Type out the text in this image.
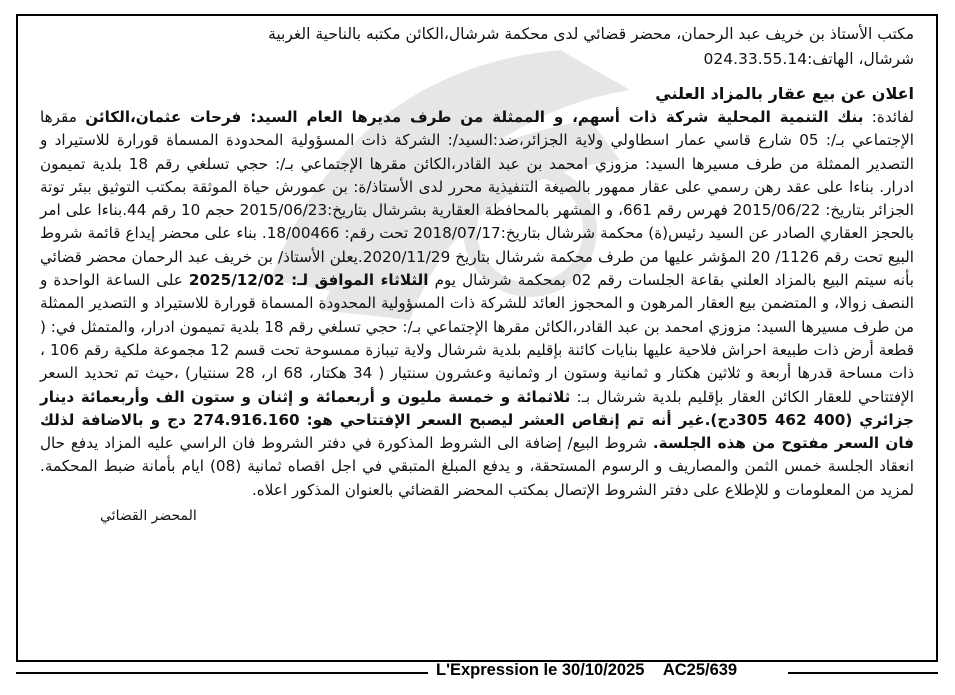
مكتب الأستاذ بن خريف عبد الرحمان، محضر قضائي لدى محكمة شرشال،الكائن مكتبه بالناحية الغربية

شرشال، الهاتف:024.33.55.14

اعلان عن بيع عقار بالمزاد العلني

لفائدة: بنك التنمية المحلية شركة ذات أسهم، و الممثلة من طرف مديرها العام السيد: فرحات عثمان،الكائن مقرها الإجتماعي بـ/: 05 شارع قاسي عمار اسطاولي ولاية الجزائر،ضد:السيد/: الشركة ذات المسؤولية المحدودة المسماة قورارة للاستيراد و التصدير الممثلة من طرف مسيرها السيد: مزوزي امحمد بن عبد القادر،الكائن مقرها الإجتماعي بـ/: حجي تسلغي رقم 18 بلدية تميمون ادرار. بناءا على عقد رهن رسمي على عقار ممهور بالصيغة التنفيذية محرر لدى الأستاذ/ة: بن عمورش حياة الموثقة بمكتب التوثيق ببئر توتة الجزائر بتاريخ: 2015/06/22 فهرس رقم 661، و المشهر بالمحافظة العقارية بشرشال بتاريخ:2015/06/23 حجم 10 رقم 44.بناءا على امر بالحجز العقاري الصادر عن السيد رئيس(ة) محكمة شرشال بتاريخ:2018/07/17 تحت رقم: 18/00466. بناء على محضر إيداع قائمة شروط البيع تحت رقم 1126/ 20 المؤشر عليها من طرف محكمة شرشال بتاريخ 2020/11/29.يعلن الأستاذ/ بن خريف عبد الرحمان محضر قضائي بأنه سيتم البيع بالمزاد العلني بقاعة الجلسات رقم 02 بمحكمة شرشال يوم الثلاثاء الموافق لـ: 2025/12/02 على الساعة الواحدة و النصف زوالا، و المتضمن بيع العقار المرهون و المحجوز العائد للشركة ذات المسؤولية المحدودة المسماة قورارة للاستيراد و التصدير الممثلة من طرف مسيرها السيد: مزوزي امحمد بن عبد القادر،الكائن مقرها الإجتماعي بـ/: حجي تسلغي رقم 18 بلدية تميمون ادرار، والمتمثل في: ( قطعة أرض ذات طبيعة احراش فلاحية عليها بنايات كائنة بإقليم بلدية شرشال ولاية تيبازة ممسوحة تحت قسم 12 مجموعة ملكية رقم 106 ، ذات مساحة قدرها أربعة و ثلاثين هكتار و ثمانية وستون ار وثمانية وعشرون سنتيار ( 34 هكتار، 68 ار، 28 سنتيار) ،حيث تم تحديد السعر الإفتتاحي للعقار الكائن العقار بإقليم بلدية شرشال بـ: ثلاثمائة و خمسة مليون و أربعمائة و إثنان و ستون الف وأربعمائة دينار جزائري (400 462 305دج).غير أنه تم إنقاص العشر ليصبح السعر الإفتتاحي هو: 274.916.160 دج و بالاضافة لذلك فان السعر مفتوح من هذه الجلسة. شروط البيع/ إضافة الى الشروط المذكورة في دفتر الشروط فان الراسي عليه المزاد يدفع حال انعقاد الجلسة خمس الثمن والمصاريف و الرسوم المستحقة، و يدفع المبلغ المتبقي في اجل اقصاه ثمانية (08) ايام بأمانة ضبط المحكمة. لمزيد من المعلومات و للإطلاع على دفتر الشروط الإتصال بمكتب المحضر القضائي بالعنوان المذكور اعلاه.

المحضر القضائي
L'Expression le 30/10/2025 AC25/639
